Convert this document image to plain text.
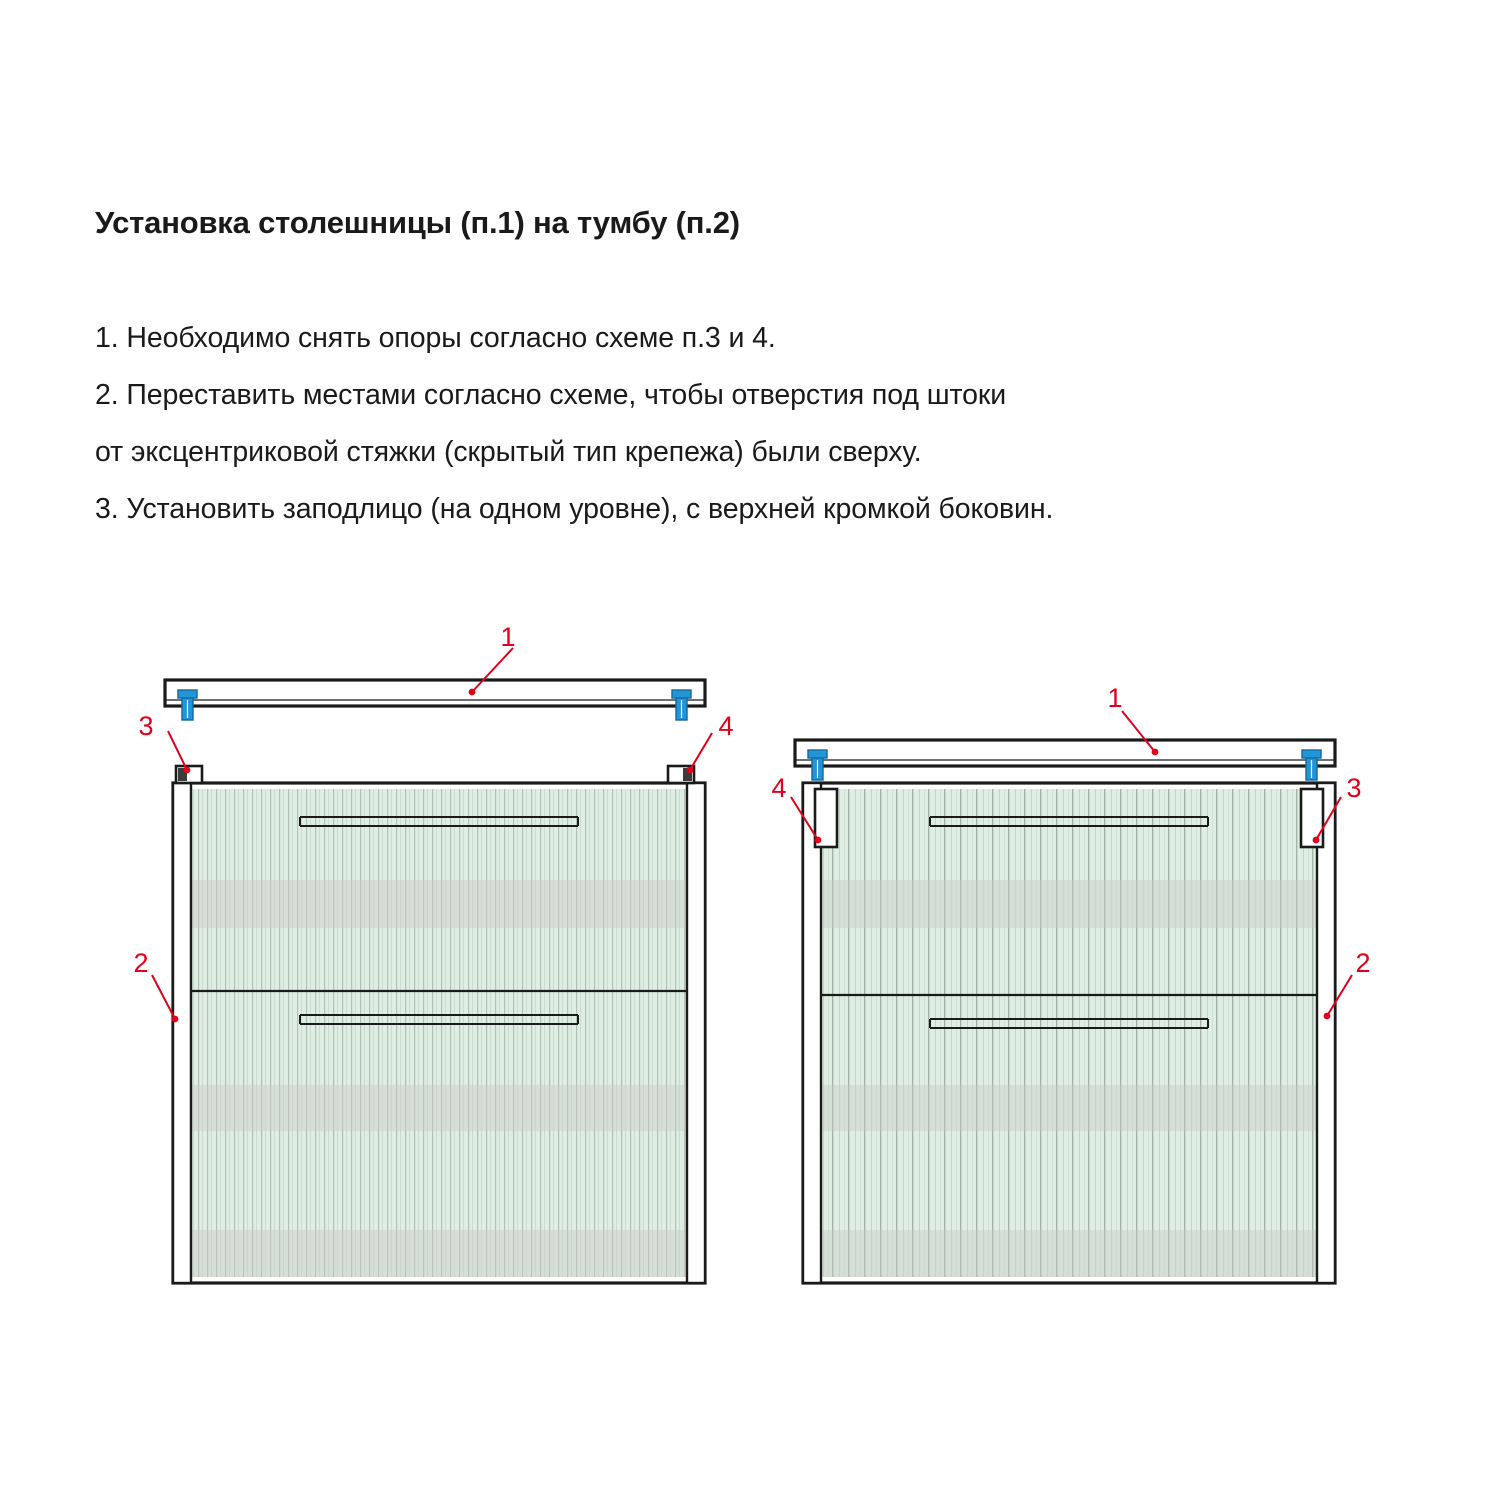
Установка столешницы (п.1) на тумбу (п.2)
1. Необходимо снять опоры согласно схеме п.3 и 4.
2. Переставить местами согласно схеме, чтобы отверстия под штоки
от эксцентриковой стяжки (скрытый тип крепежа) были сверху.
3. Установить заподлицо (на одном уровне), с верхней кромкой боковин.
1
3	4
2
1
4	3
2
